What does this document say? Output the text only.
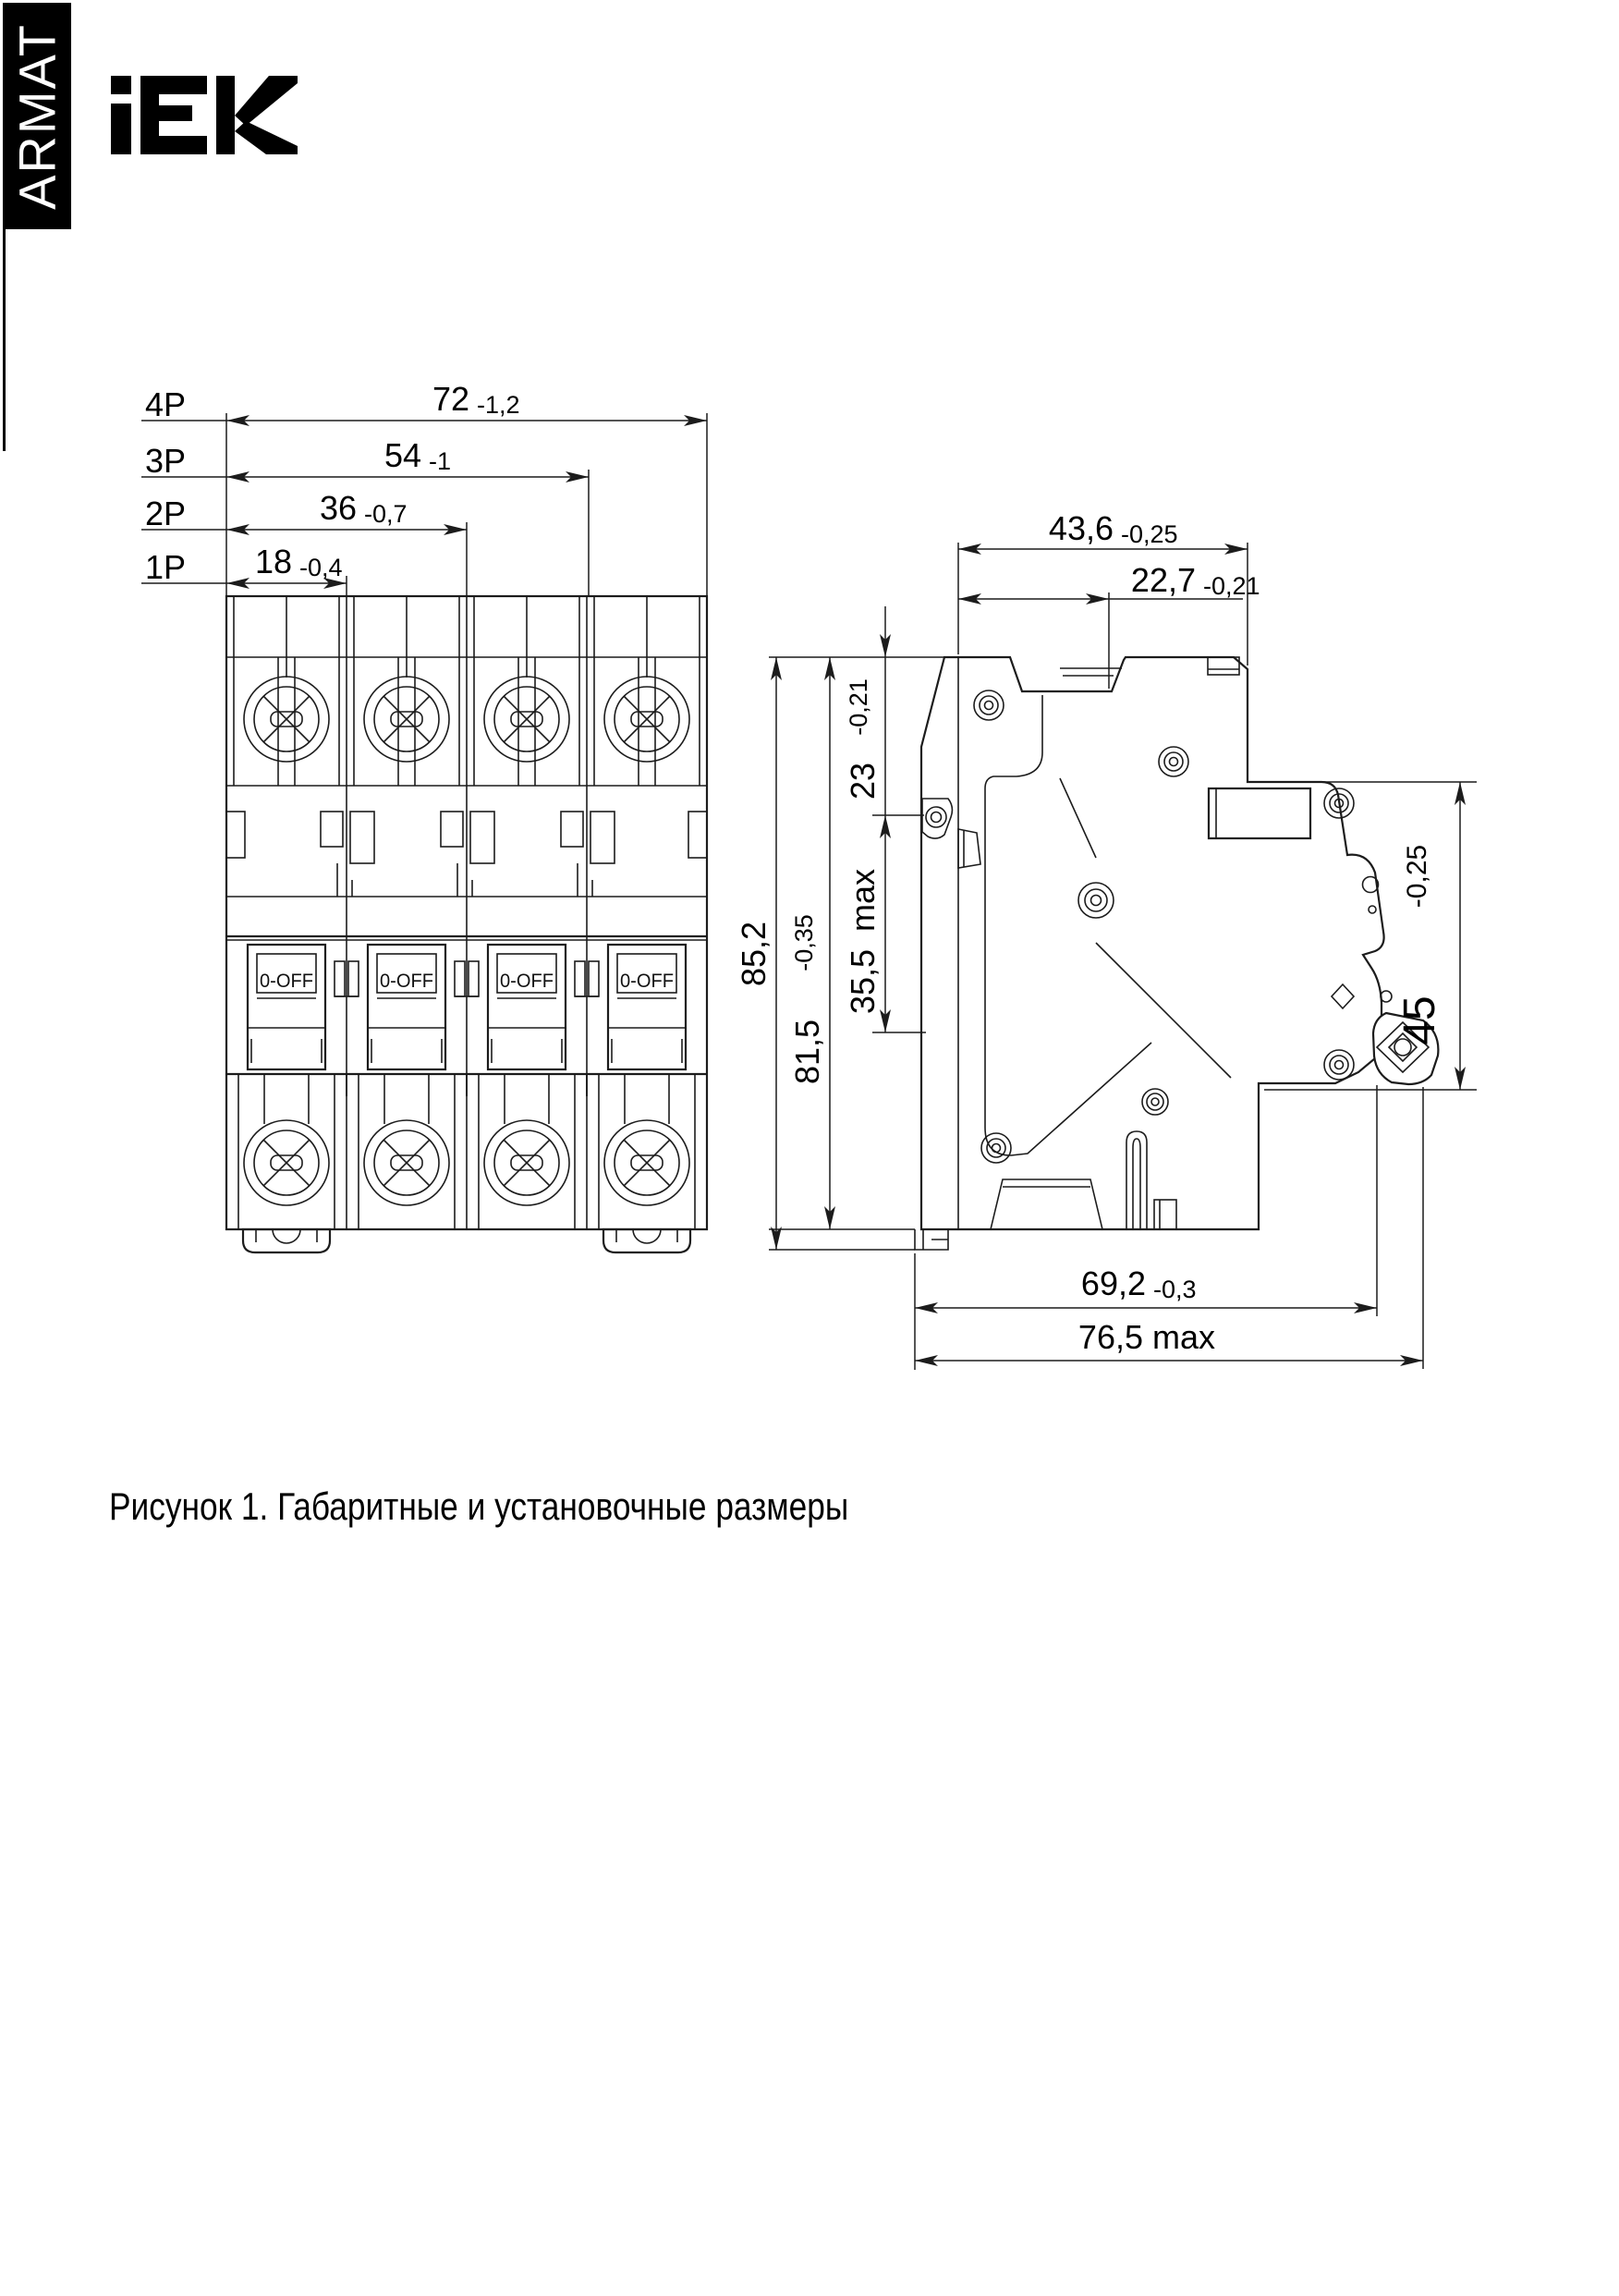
ARMAT
0-OFF	0-OFF	0-OFF	0-OFF
4P	72 -1,2
3P	54 -1
2P	36 -0,7
1P 18 -0,4
43,6 -0,25
22,7 -0,21
23
-0,21
35,5
max
81,5
-0,35
85,2
45
-0,25
69,2 -0,3
76,5 max
Рисунок 1. Габаритные и установочные размеры
